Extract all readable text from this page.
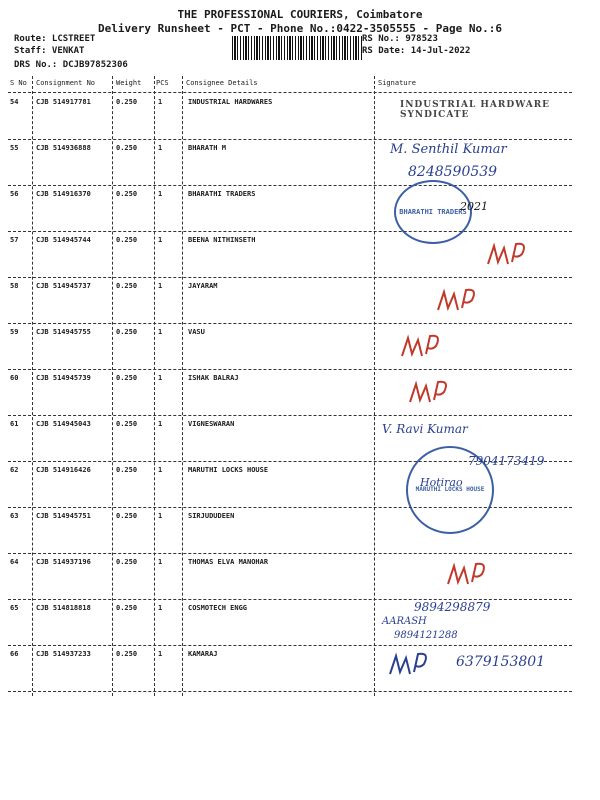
THE PROFESSIONAL COURIERS, Coimbatore
Delivery Runsheet - PCT - Phone No.:0422-3505555 - Page No.:6
Route: LCSTREET
Staff: VENKAT
DRS No.: DCJB97852306
RS No.: 978523
RS Date: 14-Jul-2022
S No Consignment No	Weight PCS Consignee Details	Signature
54	CJB 514917781	0.250	1	INDUSTRIAL HARDWARES	INDUSTRIAL HARDWARE SYNDICATE
55	CJB 514936888	0.250	1	BHARATH M	M. Senthil Kumar
8248590539
56	CJB 514916370	0.250	1	BHARATHI TRADERS
BHARATHI TRADERS
2021
57	CJB 514945744	0.250	1	BEENA NITHINSETH
58	CJB 514945737	0.250	1	JAYARAM
59	CJB 514945755	0.250	1	VASU
60	CJB 514945739	0.250	1	ISHAK BALRAJ
61	CJB 514945043	0.250	1	VIGNESWARAN	V. Ravi Kumar
62	CJB 514916426	0.250	1	MARUTHI LOCKS HOUSE
MARUTHI LOCKS HOUSE
7904173419
Hotirao
63	CJB 514945751	0.250	1	SIRJUDUDEEN
64	CJB 514937196	0.250	1	THOMAS ELVA MANOHAR
65	CJB 514818818	0.250	1	COSMOTECH ENGG	9894298879
AARASH
9894121288
66	CJB 514937233	0.250	1	KAMARAJ	6379153801
